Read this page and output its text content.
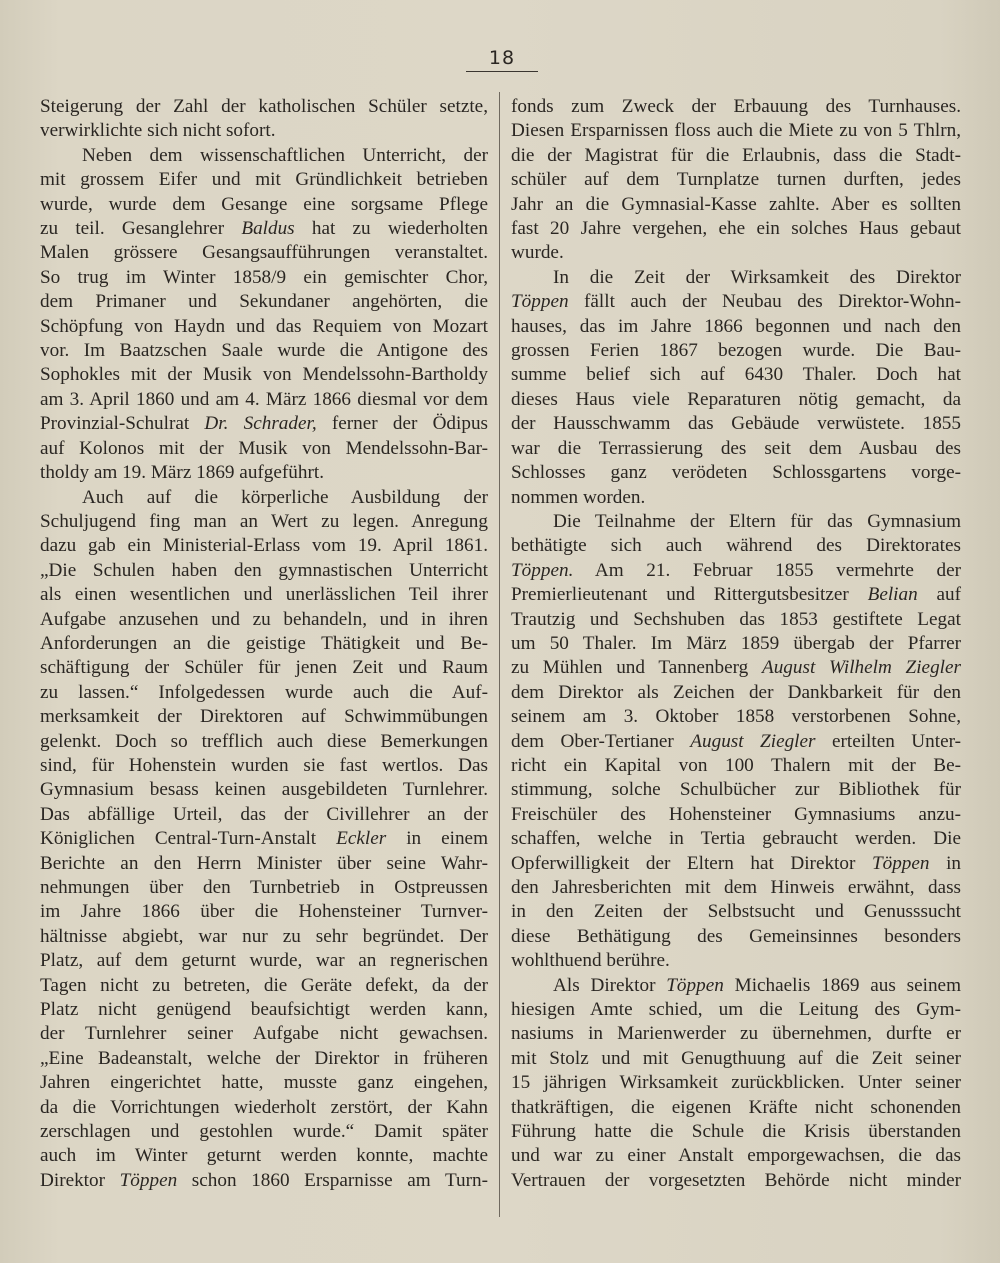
18
Steigerung der Zahl der katholischen Schüler setzte,
verwirklichte sich nicht sofort.
Neben dem wissenschaftlichen Unterricht, der
mit grossem Eifer und mit Gründlichkeit betrieben
wurde, wurde dem Gesange eine sorgsame Pflege
zu teil. Gesanglehrer Baldus hat zu wiederholten
Malen grössere Gesangsaufführungen veranstaltet.
So trug im Winter 1858/9 ein gemischter Chor,
dem Primaner und Sekundaner angehörten, die
Schöpfung von Haydn und das Requiem von Mozart
vor. Im Baatzschen Saale wurde die Antigone des
Sophokles mit der Musik von Mendelssohn-Bartholdy
am 3. April 1860 und am 4. März 1866 diesmal vor dem
Provinzial-Schulrat Dr. Schrader, ferner der Ödipus
auf Kolonos mit der Musik von Mendelssohn-Bar-
tholdy am 19. März 1869 aufgeführt.
Auch auf die körperliche Ausbildung der
Schuljugend fing man an Wert zu legen. Anregung
dazu gab ein Ministerial-Erlass vom 19. April 1861.
„Die Schulen haben den gymnastischen Unterricht
als einen wesentlichen und unerlässlichen Teil ihrer
Aufgabe anzusehen und zu behandeln, und in ihren
Anforderungen an die geistige Thätigkeit und Be-
schäftigung der Schüler für jenen Zeit und Raum
zu lassen.“ Infolgedessen wurde auch die Auf-
merksamkeit der Direktoren auf Schwimmübungen
gelenkt. Doch so trefflich auch diese Bemerkungen
sind, für Hohenstein wurden sie fast wertlos. Das
Gymnasium besass keinen ausgebildeten Turnlehrer.
Das abfällige Urteil, das der Civillehrer an der
Königlichen Central-Turn-Anstalt Eckler in einem
Berichte an den Herrn Minister über seine Wahr-
nehmungen über den Turnbetrieb in Ostpreussen
im Jahre 1866 über die Hohensteiner Turnver-
hältnisse abgiebt, war nur zu sehr begründet. Der
Platz, auf dem geturnt wurde, war an regnerischen
Tagen nicht zu betreten, die Geräte defekt, da der
Platz nicht genügend beaufsichtigt werden kann,
der Turnlehrer seiner Aufgabe nicht gewachsen.
„Eine Badeanstalt, welche der Direktor in früheren
Jahren eingerichtet hatte, musste ganz eingehen,
da die Vorrichtungen wiederholt zerstört, der Kahn
zerschlagen und gestohlen wurde.“ Damit später
auch im Winter geturnt werden konnte, machte
Direktor Töppen schon 1860 Ersparnisse am Turn-
fonds zum Zweck der Erbauung des Turnhauses.
Diesen Ersparnissen floss auch die Miete zu von 5 Thlrn,
die der Magistrat für die Erlaubnis, dass die Stadt-
schüler auf dem Turnplatze turnen durften, jedes
Jahr an die Gymnasial-Kasse zahlte. Aber es sollten
fast 20 Jahre vergehen, ehe ein solches Haus gebaut
wurde.
In die Zeit der Wirksamkeit des Direktor
Töppen fällt auch der Neubau des Direktor-Wohn-
hauses, das im Jahre 1866 begonnen und nach den
grossen Ferien 1867 bezogen wurde. Die Bau-
summe belief sich auf 6430 Thaler. Doch hat
dieses Haus viele Reparaturen nötig gemacht, da
der Hausschwamm das Gebäude verwüstete. 1855
war die Terrassierung des seit dem Ausbau des
Schlosses ganz verödeten Schlossgartens vorge-
nommen worden.
Die Teilnahme der Eltern für das Gymnasium
bethätigte sich auch während des Direktorates
Töppen. Am 21. Februar 1855 vermehrte der
Premierlieutenant und Rittergutsbesitzer Belian auf
Trautzig und Sechshuben das 1853 gestiftete Legat
um 50 Thaler. Im März 1859 übergab der Pfarrer
zu Mühlen und Tannenberg August Wilhelm Ziegler
dem Direktor als Zeichen der Dankbarkeit für den
seinem am 3. Oktober 1858 verstorbenen Sohne,
dem Ober-Tertianer August Ziegler erteilten Unter-
richt ein Kapital von 100 Thalern mit der Be-
stimmung, solche Schulbücher zur Bibliothek für
Freischüler des Hohensteiner Gymnasiums anzu-
schaffen, welche in Tertia gebraucht werden. Die
Opferwilligkeit der Eltern hat Direktor Töppen in
den Jahresberichten mit dem Hinweis erwähnt, dass
in den Zeiten der Selbstsucht und Genusssucht
diese Bethätigung des Gemeinsinnes besonders
wohlthuend berühre.
Als Direktor Töppen Michaelis 1869 aus seinem
hiesigen Amte schied, um die Leitung des Gym-
nasiums in Marienwerder zu übernehmen, durfte er
mit Stolz und mit Genugthuung auf die Zeit seiner
15 jährigen Wirksamkeit zurückblicken. Unter seiner
thatkräftigen, die eigenen Kräfte nicht schonenden
Führung hatte die Schule die Krisis überstanden
und war zu einer Anstalt emporgewachsen, die das
Vertrauen der vorgesetzten Behörde nicht minder
